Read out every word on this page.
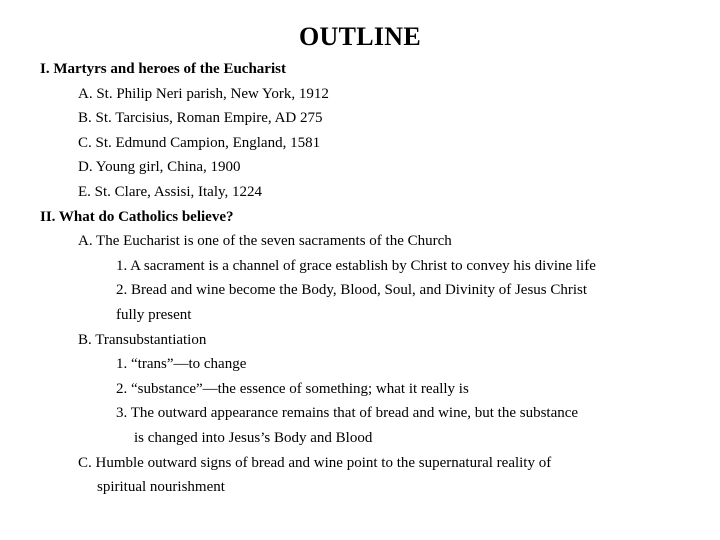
OUTLINE
I. Martyrs and heroes of the Eucharist
A. St. Philip Neri parish, New York, 1912
B. St. Tarcisius, Roman Empire, AD 275
C. St. Edmund Campion, England, 1581
D. Young girl, China, 1900
E. St. Clare, Assisi, Italy, 1224
II. What do Catholics believe?
A. The Eucharist is one of the seven sacraments of the Church
1. A sacrament is a channel of grace establish by Christ to convey his divine life
2. Bread and wine become the Body, Blood, Soul, and Divinity of Jesus Christ
fully present
B. Transubstantiation
1. “trans”—to change
2. “substance”—the essence of something; what it really is
3. The outward appearance remains that of bread and wine, but the substance
is changed into Jesus’s Body and Blood
C. Humble outward signs of bread and wine point to the supernatural reality of
spiritual nourishment
